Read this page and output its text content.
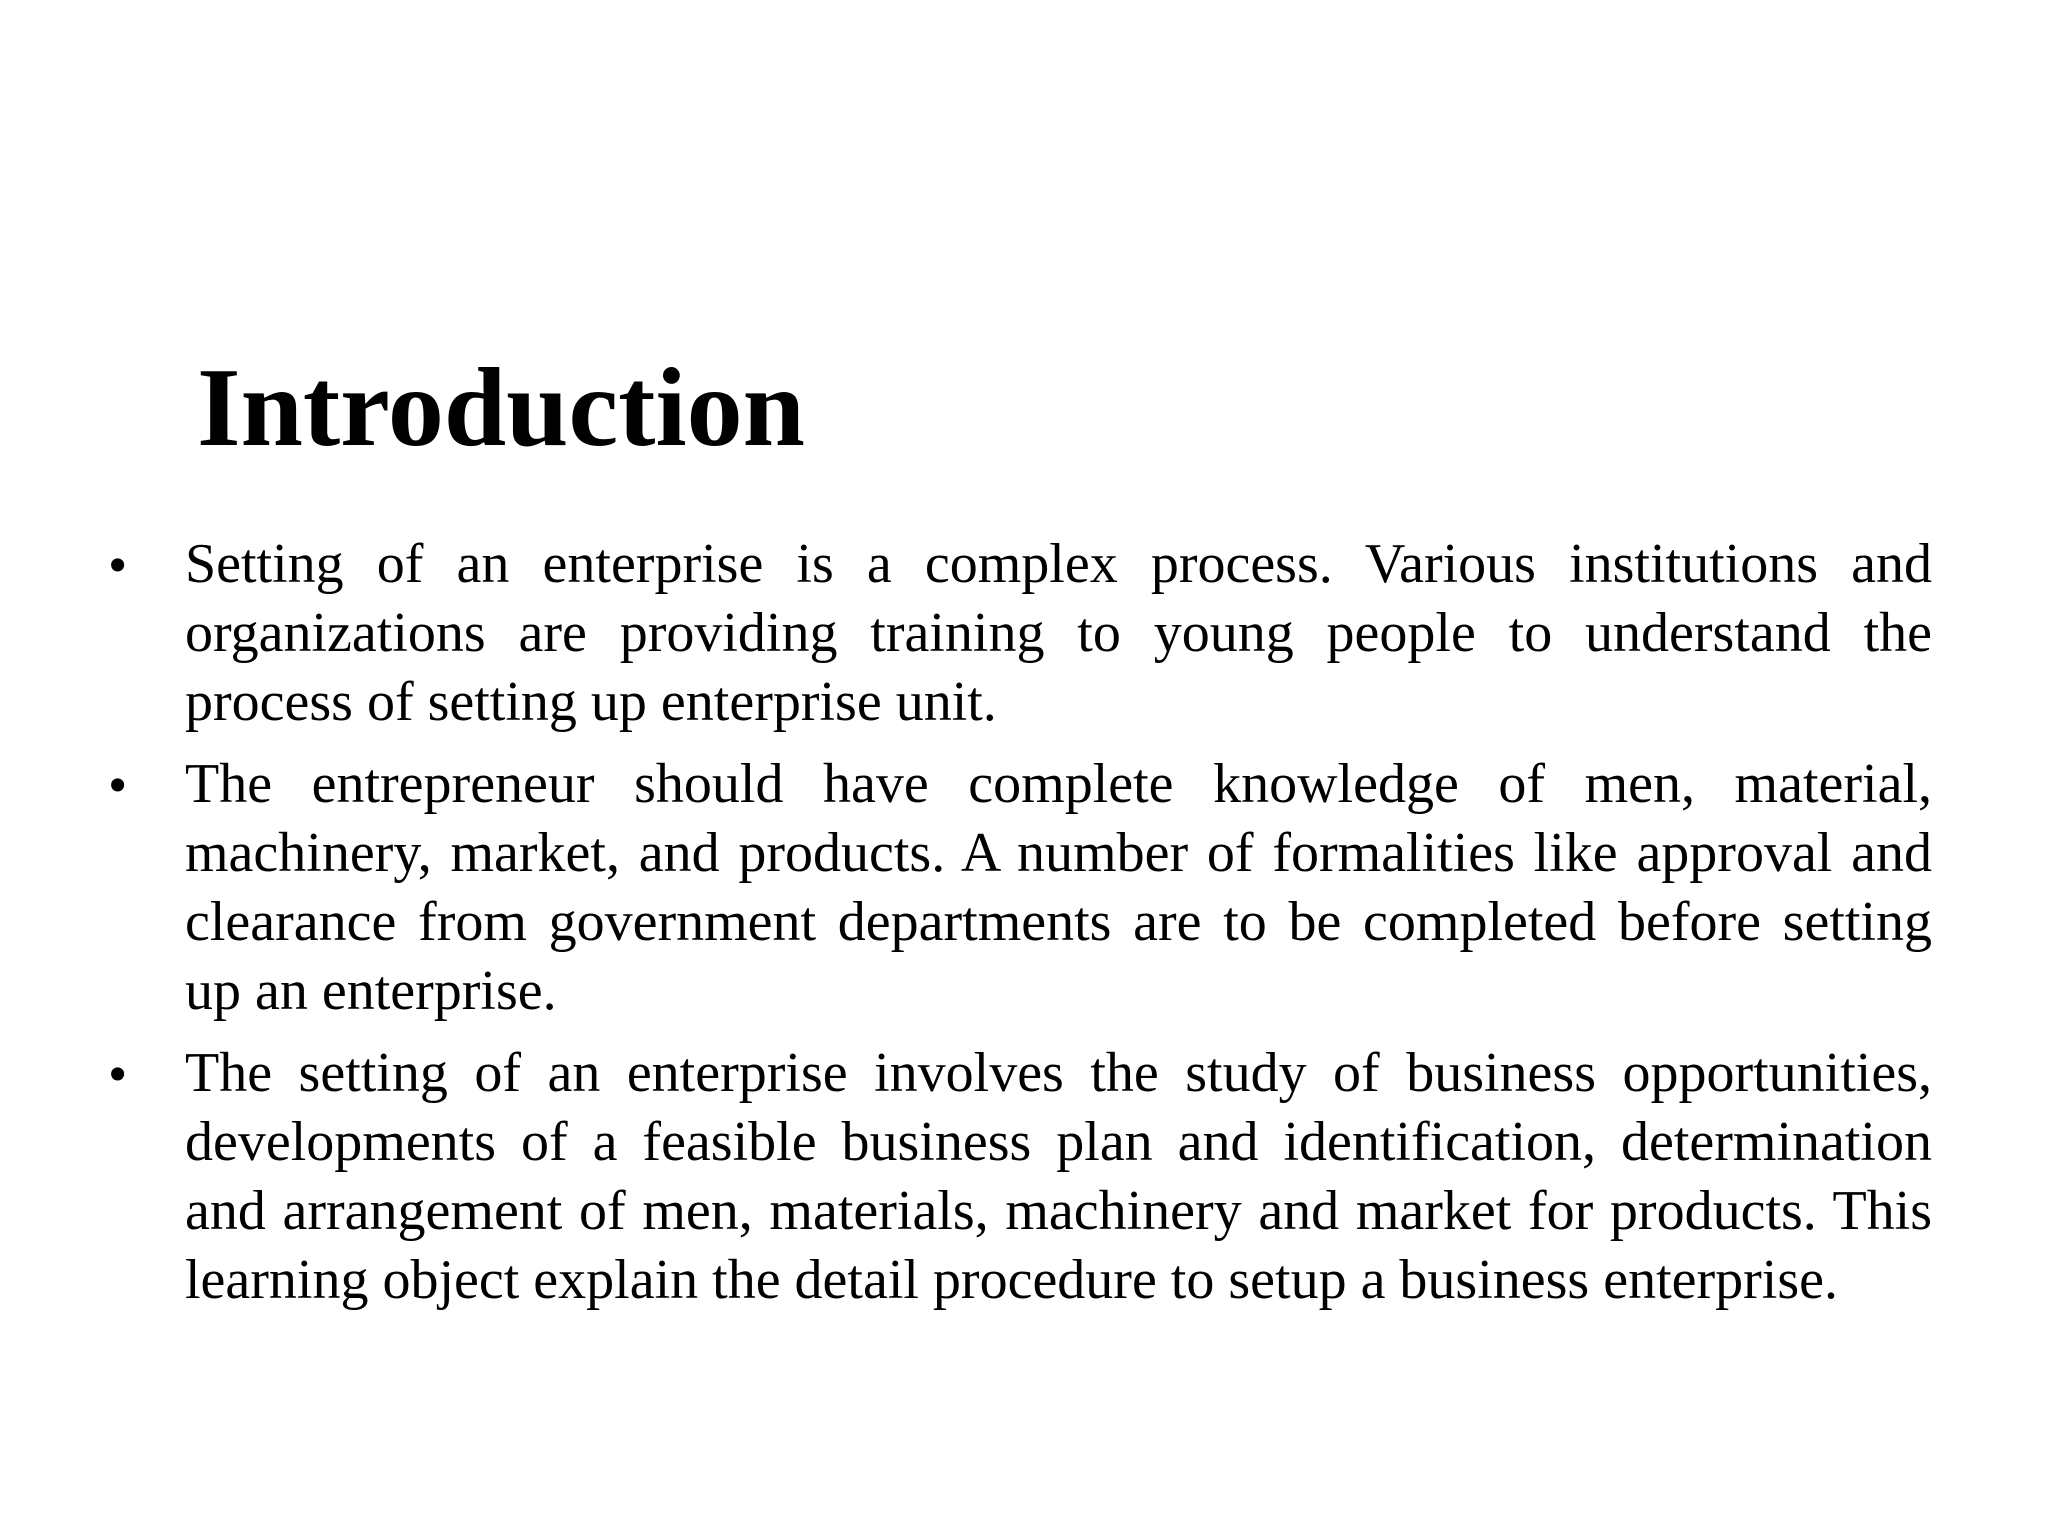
Introduction
•	Setting of an enterprise is a complex process. Various institutions and organizations are providing training to young people to understand the process of setting up enterprise unit.
•	The entrepreneur should have complete knowledge of men, material, machinery, market, and products. A number of formalities like approval and clearance from government departments are to be completed before setting up an enterprise.
•	The setting of an enterprise involves the study of business opportunities, developments of a feasible business plan and identification, determination and arrangement of men, materials, machinery and market for products. This learning object explain the detail procedure to setup a business enterprise.
